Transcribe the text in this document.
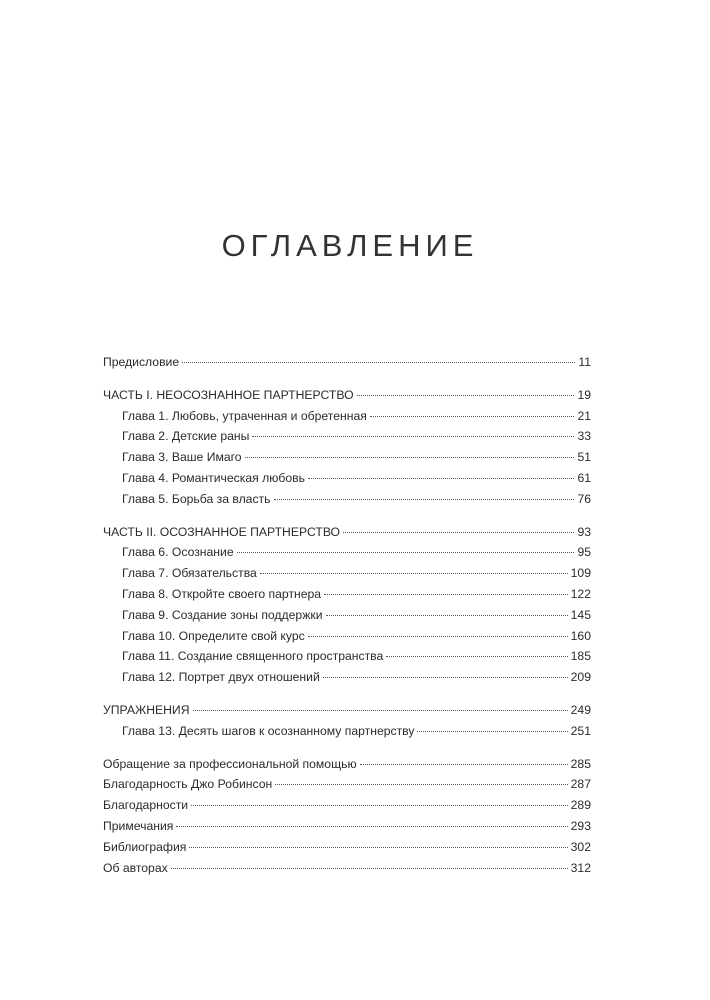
ОГЛАВЛЕНИЕ
Предисловие	11
ЧАСТЬ I. НЕОСОЗНАННОЕ ПАРТНЕРСТВО	19
Глава 1. Любовь, утраченная и обретенная	21
Глава 2. Детские раны	33
Глава 3. Ваше Имаго	51
Глава 4. Романтическая любовь	61
Глава 5. Борьба за власть	76
ЧАСТЬ II. ОСОЗНАННОЕ ПАРТНЕРСТВО	93
Глава 6. Осознание	95
Глава 7. Обязательства	109
Глава 8. Откройте своего партнера	122
Глава 9. Создание зоны поддержки	145
Глава 10. Определите свой курс	160
Глава 11. Создание священного пространства	185
Глава 12. Портрет двух отношений	209
УПРАЖНЕНИЯ	249
Глава 13. Десять шагов к осознанному партнерству	251
Обращение за профессиональной помощью	285
Благодарность Джо Робинсон	287
Благодарности	289
Примечания	293
Библиография	302
Об авторах	312
